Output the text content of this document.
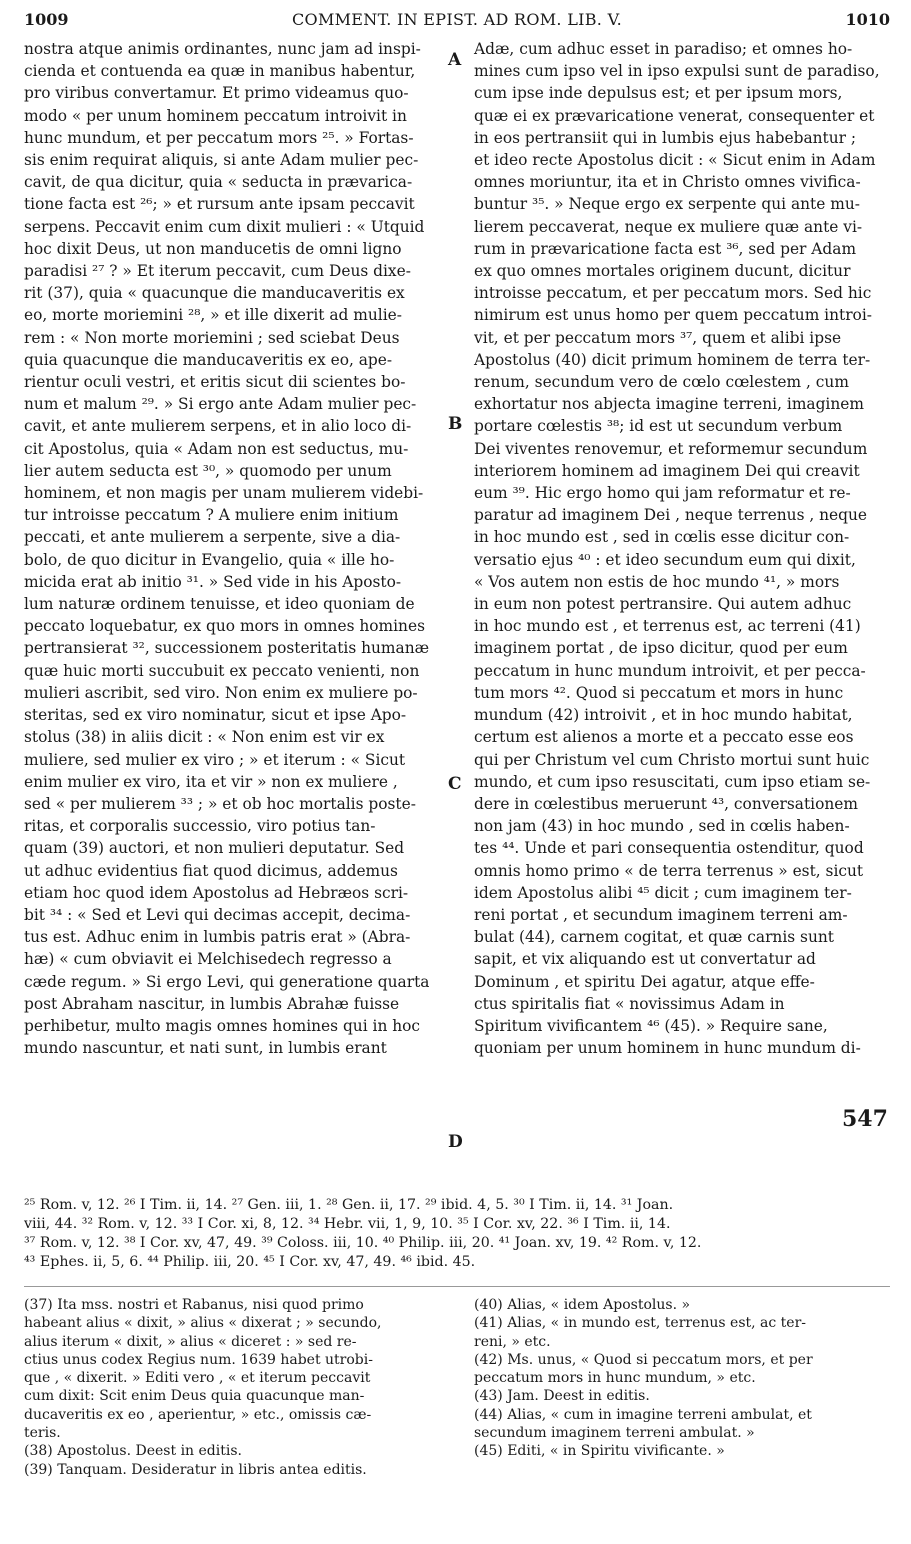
1009	COMMENT. IN EPIST. AD ROM. LIB. V.	1010
nostra atque animis ordinantes, nunc jam ad inspi-
cienda et contuenda ea quæ in manibus habentur,
pro viribus convertamur. Et primo videamus quo-
modo « per unum hominem peccatum introivit in
hunc mundum, et per peccatum mors ²⁵. » Fortas-
sis enim requirat aliquis, si ante Adam mulier pec-
cavit, de qua dicitur, quia « seducta in prævarica-
tione facta est ²⁶; » et rursum ante ipsam peccavit
serpens. Peccavit enim cum dixit mulieri : « Utquid
hoc dixit Deus, ut non manducetis de omni ligno
paradisi ²⁷ ? » Et iterum peccavit, cum Deus dixe-
rit (37), quia « quacunque die manducaveritis ex
eo, morte moriemini ²⁸, » et ille dixerit ad mulie-
rem : « Non morte moriemini ; sed sciebat Deus
quia quacunque die manducaveritis ex eo, ape-
rientur oculi vestri, et eritis sicut dii scientes bo-
num et malum ²⁹. » Si ergo ante Adam mulier pec-
cavit, et ante mulierem serpens, et in alio loco di-
cit Apostolus, quia « Adam non est seductus, mu-
lier autem seducta est ³⁰, » quomodo per unum
hominem, et non magis per unam mulierem videbi-
tur introisse peccatum ? A muliere enim initium
peccati, et ante mulierem a serpente, sive a dia-
bolo, de quo dicitur in Evangelio, quia « ille ho-
micida erat ab initio ³¹. » Sed vide in his Aposto-
lum naturæ ordinem tenuisse, et ideo quoniam de
peccato loquebatur, ex quo mors in omnes homines
pertransierat ³², successionem posteritatis humanæ
quæ huic morti succubuit ex peccato venienti, non
mulieri ascribit, sed viro. Non enim ex muliere po-
steritas, sed ex viro nominatur, sicut et ipse Apo-
stolus (38) in aliis dicit : « Non enim est vir ex
muliere, sed mulier ex viro ; » et iterum : « Sicut
enim mulier ex viro, ita et vir » non ex muliere ,
sed « per mulierem ³³ ; » et ob hoc mortalis poste-
ritas, et corporalis successio, viro potius tan-
quam (39) auctori, et non mulieri deputatur. Sed
ut adhuc evidentius fiat quod dicimus, addemus
etiam hoc quod idem Apostolus ad Hebræos scri-
bit ³⁴ : « Sed et Levi qui decimas accepit, decima-
tus est. Adhuc enim in lumbis patris erat » (Abra-
hæ) « cum obviavit ei Melchisedech regresso a
cæde regum. » Si ergo Levi, qui generatione quarta
post Abraham nascitur, in lumbis Abrahæ fuisse
perhibetur, multo magis omnes homines qui in hoc
mundo nascuntur, et nati sunt, in lumbis erant
Adæ, cum adhuc esset in paradiso; et omnes ho-
mines cum ipso vel in ipso expulsi sunt de paradiso,
cum ipse inde depulsus est; et per ipsum mors,
quæ ei ex prævaricatione venerat, consequenter et
in eos pertransiit qui in lumbis ejus habebantur ;
et ideo recte Apostolus dicit : « Sicut enim in Adam
omnes moriuntur, ita et in Christo omnes vivifica-
buntur ³⁵. » Neque ergo ex serpente qui ante mu-
lierem peccaverat, neque ex muliere quæ ante vi-
rum in prævaricatione facta est ³⁶, sed per Adam
ex quo omnes mortales originem ducunt, dicitur
introisse peccatum, et per peccatum mors. Sed hic
nimirum est unus homo per quem peccatum introi-
vit, et per peccatum mors ³⁷, quem et alibi ipse
Apostolus (40) dicit primum hominem de terra ter-
renum, secundum vero de cœlo cœlestem , cum
exhortatur nos abjecta imagine terreni, imaginem
portare cœlestis ³⁸; id est ut secundum verbum
Dei viventes renovemur, et reformemur secundum
interiorem hominem ad imaginem Dei qui creavit
eum ³⁹. Hic ergo homo qui jam reformatur et re-
paratur ad imaginem Dei , neque terrenus , neque
in hoc mundo est , sed in cœlis esse dicitur con-
versatio ejus ⁴⁰ : et ideo secundum eum qui dixit,
« Vos autem non estis de hoc mundo ⁴¹, » mors
in eum non potest pertransire. Qui autem adhuc
in hoc mundo est , et terrenus est, ac terreni (41)
imaginem portat , de ipso dicitur, quod per eum
peccatum in hunc mundum introivit, et per pecca-
tum mors ⁴². Quod si peccatum et mors in hunc
mundum (42) introivit , et in hoc mundo habitat,
certum est alienos a morte et a peccato esse eos
qui per Christum vel cum Christo mortui sunt huic
mundo, et cum ipso resuscitati, cum ipso etiam se-
dere in cœlestibus meruerunt ⁴³, conversationem
non jam (43) in hoc mundo , sed in cœlis haben-
tes ⁴⁴. Unde et pari consequentia ostenditur, quod
omnis homo primo « de terra terrenus » est, sicut
idem Apostolus alibi ⁴⁵ dicit ; cum imaginem ter-
reni portat , et secundum imaginem terreni am-
bulat (44), carnem cogitat, et quæ carnis sunt
sapit, et vix aliquando est ut convertatur ad
Dominum , et spiritu Dei agatur, atque effe-
ctus spiritalis fiat « novissimus Adam in
Spiritum vivificantem ⁴⁶ (45). » Require sane,
quoniam per unum hominem in hunc mundum di-
A
B
C
D
547
²⁵ Rom. v, 12. ²⁶ I Tim. ii, 14. ²⁷ Gen. iii, 1. ²⁸ Gen. ii, 17. ²⁹ ibid. 4, 5. ³⁰ I Tim. ii, 14. ³¹ Joan.
viii, 44. ³² Rom. v, 12. ³³ I Cor. xi, 8, 12. ³⁴ Hebr. vii, 1, 9, 10. ³⁵ I Cor. xv, 22. ³⁶ I Tim. ii, 14.
³⁷ Rom. v, 12. ³⁸ I Cor. xv, 47, 49. ³⁹ Coloss. iii, 10. ⁴⁰ Philip. iii, 20. ⁴¹ Joan. xv, 19. ⁴² Rom. v, 12.
⁴³ Ephes. ii, 5, 6. ⁴⁴ Philip. iii, 20. ⁴⁵ I Cor. xv, 47, 49. ⁴⁶ ibid. 45.
(37) Ita mss. nostri et Rabanus, nisi quod primo
habeant alius « dixit, » alius « dixerat ; » secundo,
alius iterum « dixit, » alius « diceret : » sed re-
ctius unus codex Regius num. 1639 habet utrobi-
que , « dixerit. » Editi vero , « et iterum peccavit
cum dixit: Scit enim Deus quia quacunque man-
ducaveritis ex eo , aperientur, » etc., omissis cæ-
teris.
(38) Apostolus. Deest in editis.
(39) Tanquam. Desideratur in libris antea editis.
(40) Alias, « idem Apostolus. »
(41) Alias, « in mundo est, terrenus est, ac ter-
reni, » etc.
(42) Ms. unus, « Quod si peccatum mors, et per
peccatum mors in hunc mundum, » etc.
(43) Jam. Deest in editis.
(44) Alias, « cum in imagine terreni ambulat, et
secundum imaginem terreni ambulat. »
(45) Editi, « in Spiritu vivificante. »
